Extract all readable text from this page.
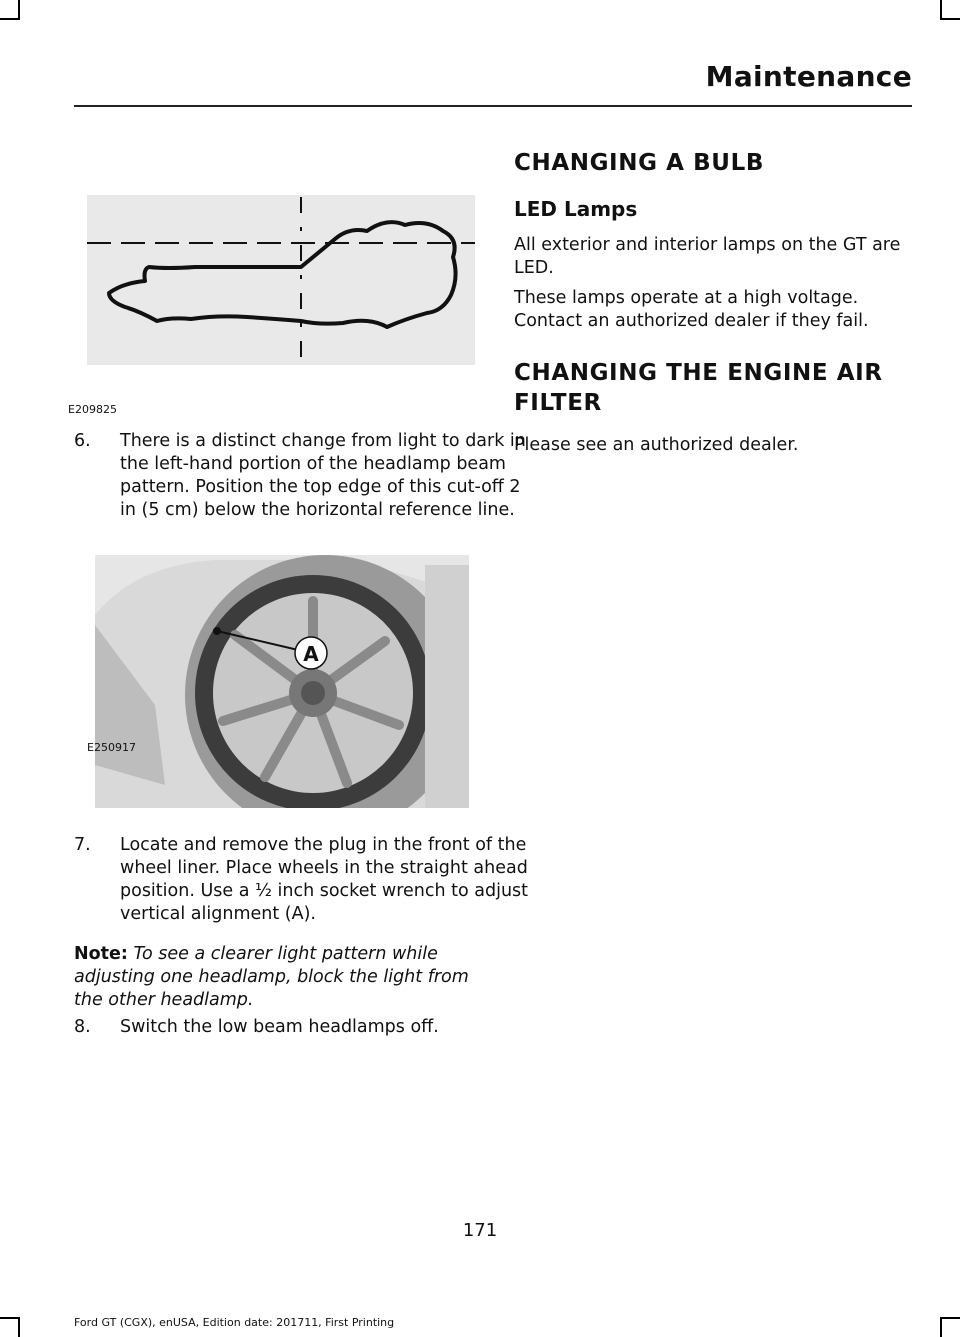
Maintenance
E209825
6. There is a distinct change from light to dark in the left-hand portion of the headlamp beam pattern. Position the top edge of this cut-off 2 in (5 cm) below the horizontal reference line.
A
E250917
7. Locate and remove the plug in the front of the wheel liner. Place wheels in the straight ahead position. Use a ½ inch socket wrench to adjust vertical alignment (A).
Note: To see a clearer light pattern while adjusting one headlamp, block the light from the other headlamp.
8. Switch the low beam headlamps off.
CHANGING A BULB
LED Lamps
All exterior and interior lamps on the GT are LED.
These lamps operate at a high voltage. Contact an authorized dealer if they fail.
CHANGING THE ENGINE AIR
FILTER
Please see an authorized dealer.
171
Ford GT (CGX), enUSA, Edition date: 201711, First Printing
